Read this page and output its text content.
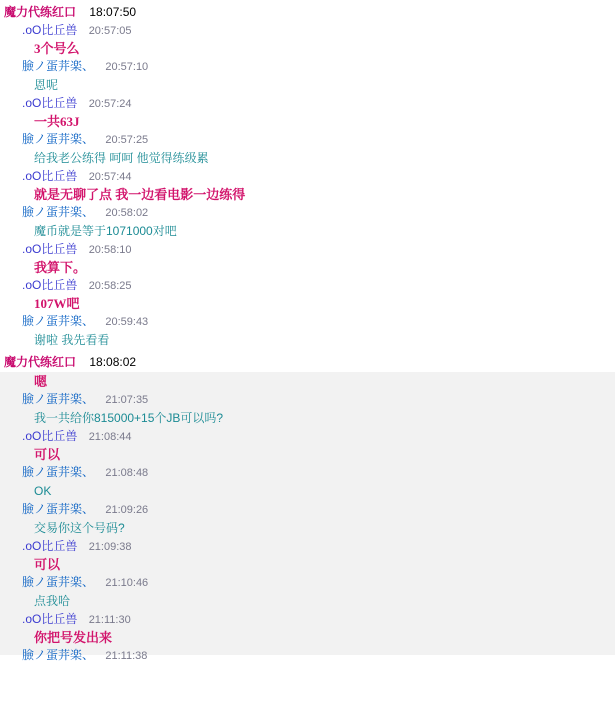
魔力代练红口 18:07:50
.oO比丘兽 20:57:05
3个号么
臉ノ蛋茾楽、 20:57:10
恩呢
.oO比丘兽 20:57:24
一共63J
臉ノ蛋茾楽、 20:57:25
给我老公练得 呵呵 他觉得练级累
.oO比丘兽 20:57:44
就是无聊了点 我一边看电影一边练得
臉ノ蛋茾楽、 20:58:02
魔币就是等于1071000对吧
.oO比丘兽 20:58:10
我算下。
.oO比丘兽 20:58:25
107W吧
臉ノ蛋茾楽、 20:59:43
谢啦 我先看看
魔力代练红口 18:08:02
嗯
臉ノ蛋茾楽、 21:07:35
我一共给你815000+15个JB可以吗?
.oO比丘兽 21:08:44
可以
臉ノ蛋茾楽、 21:08:48
OK
臉ノ蛋茾楽、 21:09:26
交易你这个号码?
.oO比丘兽 21:09:38
可以
臉ノ蛋茾楽、 21:10:46
点我哈
.oO比丘兽 21:11:30
你把号发出来
臉ノ蛋茾楽、 21:11:38
